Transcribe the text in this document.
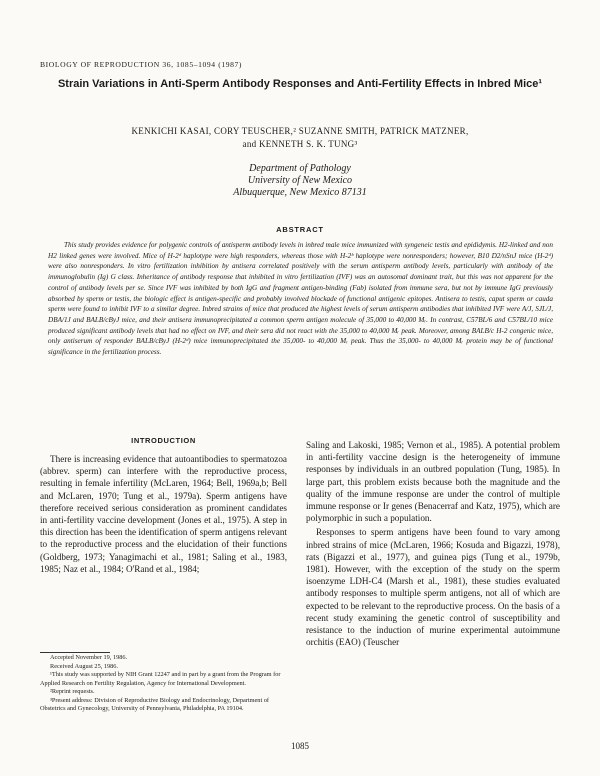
BIOLOGY OF REPRODUCTION 36, 1085–1094 (1987)
Strain Variations in Anti-Sperm Antibody Responses and Anti-Fertility Effects in Inbred Mice¹
KENKICHI KASAI, CORY TEUSCHER,² SUZANNE SMITH, PATRICK MATZNER,
and KENNETH S. K. TUNG³
Department of Pathology
University of New Mexico
Albuquerque, New Mexico 87131
ABSTRACT

This study provides evidence for polygenic controls of antisperm antibody levels in inbred male mice immunized with syngeneic testis and epididymis. H2-linked and non H2 linked genes were involved. Mice of H-2ᵈ haplotype were high responders, whereas those with H-2ᵇ haplotype were nonresponders; however, B10 D2/nSnJ mice (H-2ᵈ) were also nonresponders. In vitro fertilization inhibition by antisera correlated positively with the serum antisperm antibody levels, particularly with antibody of the immunoglobulin (Ig) G class. Inheritance of antibody response that inhibited in vitro fertilization (IVF) was an autosomal dominant trait, but this was not apparent for the control of antibody levels per se. Since IVF was inhibited by both IgG and fragment antigen-binding (Fab) isolated from immune sera, but not by immune IgG previously absorbed by sperm or testis, the biologic effect is antigen-specific and probably involved blockade of functional antigenic epitopes. Antisera to testis, caput sperm or cauda sperm were found to inhibit IVF to a similar degree. Inbred strains of mice that produced the highest levels of serum antisperm antibodies that inhibited IVF were A/J, SJL/J, DBA/1J and BALB/cByJ mice, and their antisera immunoprecipitated a common sperm antigen molecule of 35,000 to 40,000 Mᵣ. In contrast, C57BL/6 and C57BL/10 mice produced significant antibody levels that had no effect on IVF, and their sera did not react with the 35,000 to 40,000 Mᵣ peak. Moreover, among BALB/c H-2 congenic mice, only antiserum of responder BALB/cByJ (H-2ᵈ) mice immunoprecipitated the 35,000- to 40,000 Mᵣ peak. Thus the 35,000- to 40,000 Mᵣ protein may be of functional significance in the fertilization process.

INTRODUCTION

There is increasing evidence that autoantibodies to spermatozoa (abbrev. sperm) can interfere with the reproductive process, resulting in female infertility (McLaren, 1964; Bell, 1969a,b; Bell and McLaren, 1970; Tung et al., 1979a). Sperm antigens have therefore received serious consideration as prominent candidates in anti-fertility vaccine development (Jones et al., 1975). A step in this direction has been the identification of sperm antigens relevant to the reproductive process and the elucidation of their functions (Goldberg, 1973; Yanagimachi et al., 1981; Saling et al., 1983, 1985; Naz et al., 1984; O'Rand et al., 1984;

Saling and Lakoski, 1985; Vernon et al., 1985). A potential problem in anti-fertility vaccine design is the heterogeneity of immune responses by individuals in an outbred population (Tung, 1985). In large part, this problem exists because both the magnitude and the quality of the immune response are under the control of multiple immune response or Ir genes (Benacerraf and Katz, 1975), which are polymorphic in such a population.

Responses to sperm antigens have been found to vary among inbred strains of mice (McLaren, 1966; Kosuda and Bigazzi, 1978), rats (Bigazzi et al., 1977), and guinea pigs (Tung et al., 1979b, 1981). However, with the exception of the study on the sperm isoenzyme LDH-C4 (Marsh et al., 1981), these studies evaluated antibody responses to multiple sperm antigens, not all of which are expected to be relevant to the reproductive process. On the basis of a recent study examining the genetic control of susceptibility and resistance to the induction of murine experimental autoimmune orchitis (EAO) (Teuscher

Accepted November 19, 1986.

Received August 25, 1986.

¹This study was supported by NIH Grant 12247 and in part by a grant from the Program for Applied Research on Fertility Regulation, Agency for International Development.

²Reprint requests.

³Present address: Division of Reproductive Biology and Endocrinology, Department of Obstetrics and Gynecology, University of Pennsylvania, Philadelphia, PA 19104.

1085
